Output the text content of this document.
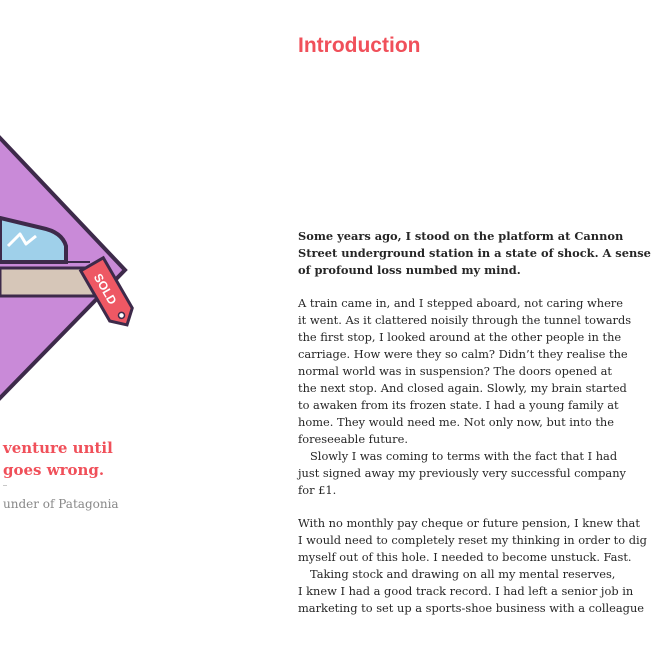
SOLD
venture until
goes wrong.
under of Patagonia
Introduction

Some years ago, I stood on the platform at Cannon
Street underground station in a state of shock. A sense
of profound loss numbed my mind.

A train came in, and I stepped aboard, not caring where
it went. As it clattered noisily through the tunnel towards
the first stop, I looked around at the other people in the
carriage. How were they so calm? Didn’t they realise the
normal world was in suspension? The doors opened at
the next stop. And closed again. Slowly, my brain started
to awaken from its frozen state. I had a young family at
home. They would need me. Not only now, but into the
foreseeable future.

Slowly I was coming to terms with the fact that I had
just signed away my previously very successful company
for £1.

With no monthly pay cheque or future pension, I knew that
I would need to completely reset my thinking in order to dig
myself out of this hole. I needed to become unstuck. Fast.

Taking stock and drawing on all my mental reserves,
I knew I had a good track record. I had left a senior job in
marketing to set up a sports-shoe business with a colleague
